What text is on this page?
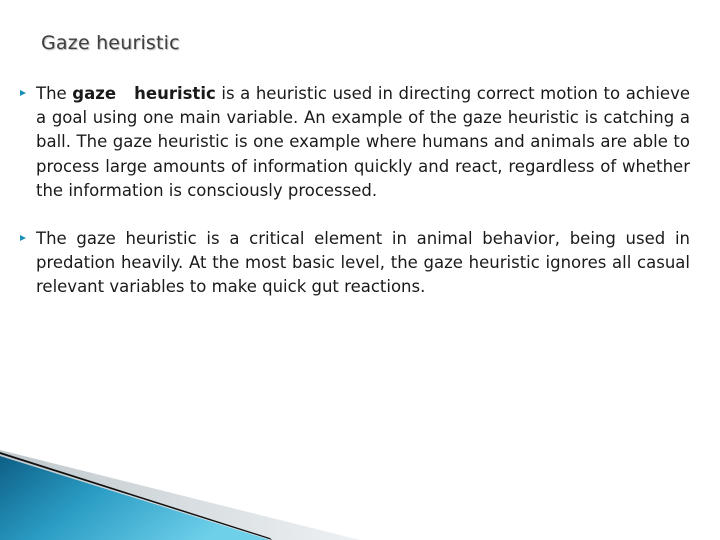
Gaze heuristic
The gaze heuristic is a heuristic used in directing correct motion to achieve a goal using one main variable. An example of the gaze heuristic is catching a ball. The gaze heuristic is one example where humans and animals are able to process large amounts of information quickly and react, regardless of whether the information is consciously processed.
The gaze heuristic is a critical element in animal behavior, being used in predation heavily. At the most basic level, the gaze heuristic ignores all casual relevant variables to make quick gut reactions.
